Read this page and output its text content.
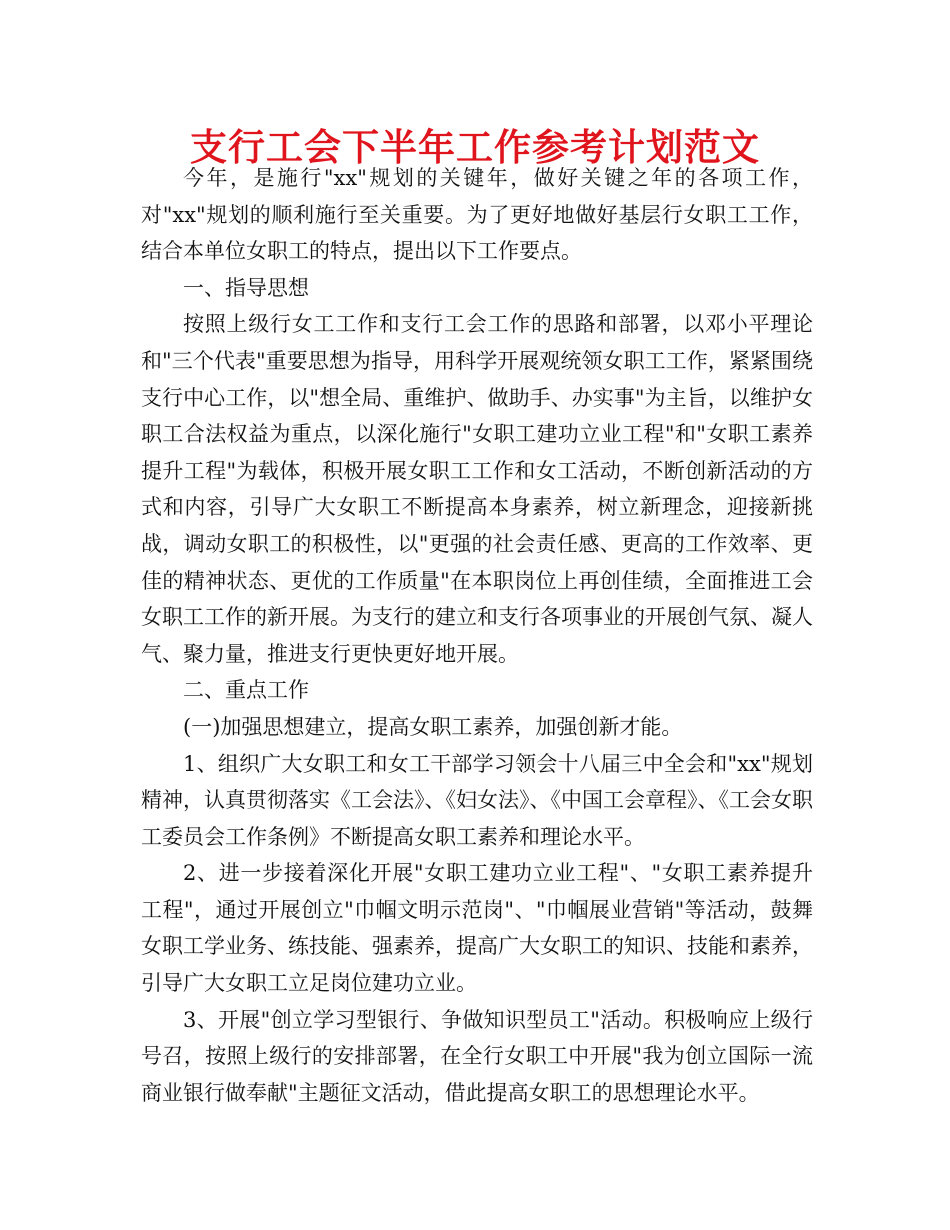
支行工会下半年工作参考计划范文

今年，是施行"xx"规划的关键年，做好关键之年的各项工作，对"xx"规划的顺利施行至关重要。为了更好地做好基层行女职工工作，结合本单位女职工的特点，提出以下工作要点。

一、指导思想

按照上级行女工工作和支行工会工作的思路和部署，以邓小平理论和"三个代表"重要思想为指导，用科学开展观统领女职工工作，紧紧围绕支行中心工作，以"想全局、重维护、做助手、办实事"为主旨，以维护女职工合法权益为重点，以深化施行"女职工建功立业工程"和"女职工素养提升工程"为载体，积极开展女职工工作和女工活动，不断创新活动的方式和内容，引导广大女职工不断提高本身素养，树立新理念，迎接新挑战，调动女职工的积极性，以"更强的社会责任感、更高的工作效率、更佳的精神状态、更优的工作质量"在本职岗位上再创佳绩，全面推进工会女职工工作的新开展。为支行的建立和支行各项事业的开展创气氛、凝人气、聚力量，推进支行更快更好地开展。

二、重点工作

(一)加强思想建立，提高女职工素养，加强创新才能。

1、组织广大女职工和女工干部学习领会十八届三中全会和"xx"规划精神，认真贯彻落实《工会法》、《妇女法》、《中国工会章程》、《工会女职工委员会工作条例》不断提高女职工素养和理论水平。

2、进一步接着深化开展"女职工建功立业工程"、"女职工素养提升工程"，通过开展创立"巾帼文明示范岗"、"巾帼展业营销"等活动，鼓舞女职工学业务、练技能、强素养，提高广大女职工的知识、技能和素养，引导广大女职工立足岗位建功立业。

3、开展"创立学习型银行、争做知识型员工"活动。积极响应上级行号召，按照上级行的安排部署，在全行女职工中开展"我为创立国际一流商业银行做奉献"主题征文活动，借此提高女职工的思想理论水平。
